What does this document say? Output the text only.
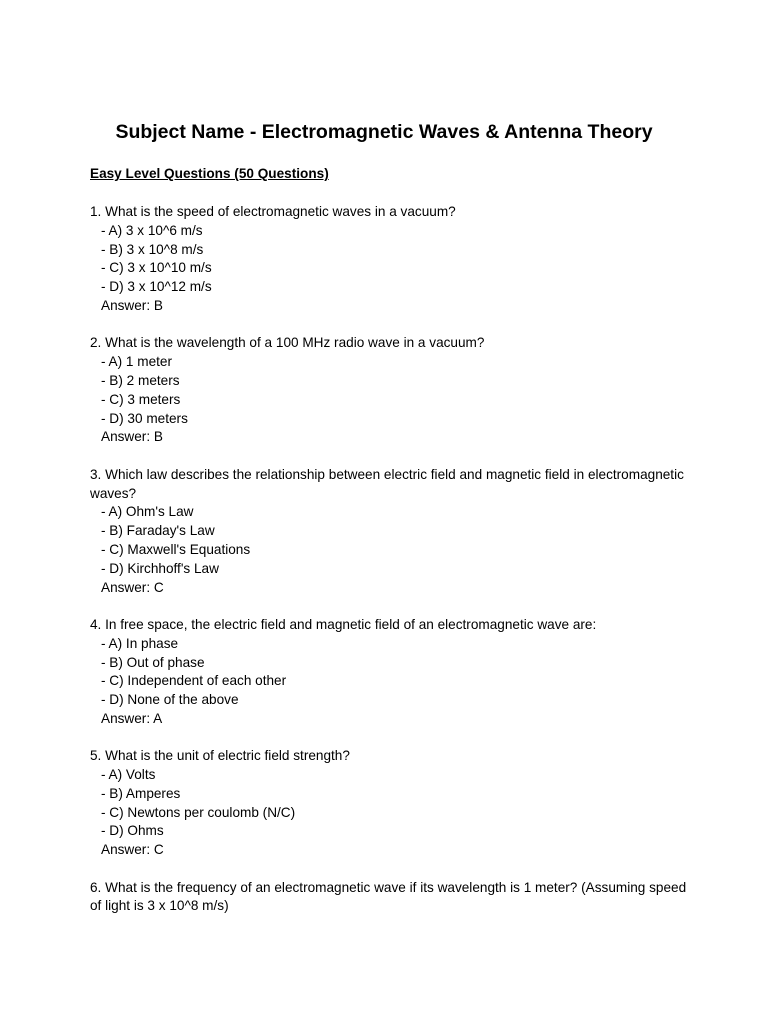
Subject Name - Electromagnetic Waves & Antenna Theory
Easy Level Questions (50 Questions)

1. What is the speed of electromagnetic waves in a vacuum?

- A) 3 x 10^6 m/s

- B) 3 x 10^8 m/s

- C) 3 x 10^10 m/s

- D) 3 x 10^12 m/s

Answer: B

2. What is the wavelength of a 100 MHz radio wave in a vacuum?

- A) 1 meter

- B) 2 meters

- C) 3 meters

- D) 30 meters

Answer: B

3. Which law describes the relationship between electric field and magnetic field in electromagnetic waves?

- A) Ohm's Law

- B) Faraday's Law

- C) Maxwell's Equations

- D) Kirchhoff's Law

Answer: C

4. In free space, the electric field and magnetic field of an electromagnetic wave are:

- A) In phase

- B) Out of phase

- C) Independent of each other

- D) None of the above

Answer: A

5. What is the unit of electric field strength?

- A) Volts

- B) Amperes

- C) Newtons per coulomb (N/C)

- D) Ohms

Answer: C

6. What is the frequency of an electromagnetic wave if its wavelength is 1 meter? (Assuming speed of light is 3 x 10^8 m/s)
